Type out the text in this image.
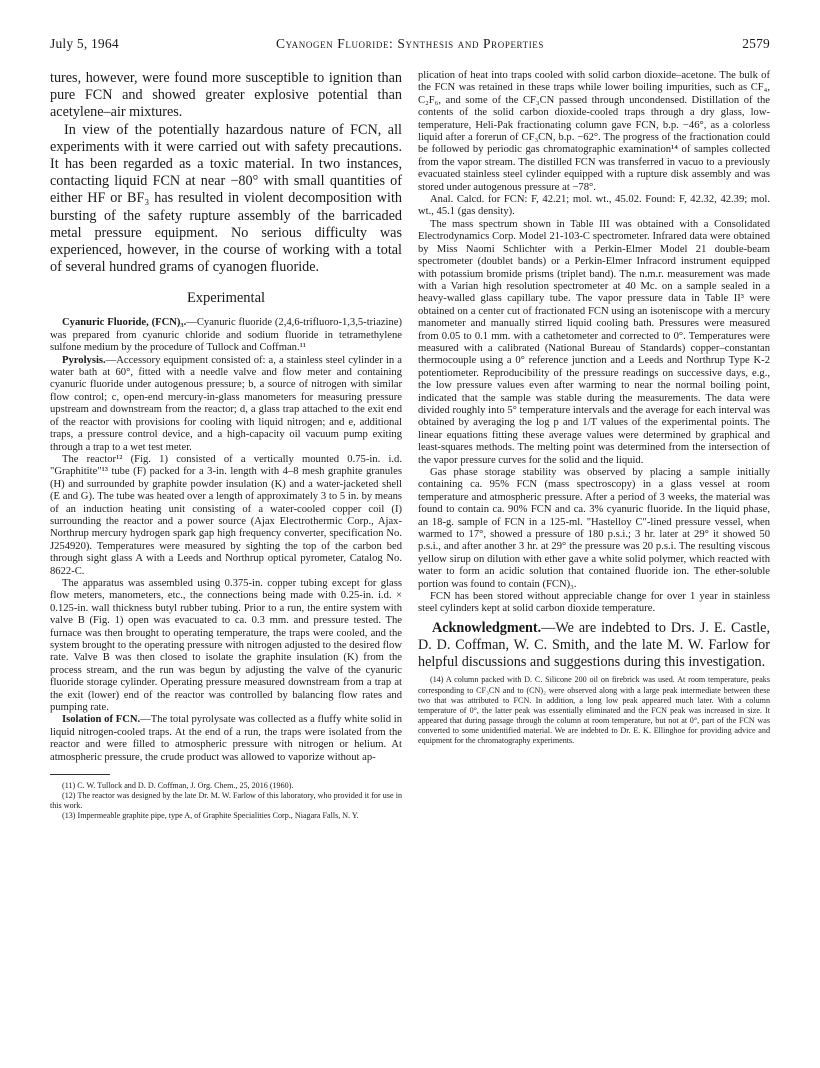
July 5, 1964	Cyanogen Fluoride: Synthesis and Properties	2579

tures, however, were found more susceptible to ignition than pure FCN and showed greater explosive potential than acetylene–air mixtures.

In view of the potentially hazardous nature of FCN, all experiments with it were carried out with safety precautions. It has been regarded as a toxic material. In two instances, contacting liquid FCN at near −80° with small quantities of either HF or BF₃ has resulted in violent decomposition with bursting of the safety rupture assembly of the barricaded metal pressure equipment. No serious difficulty was experienced, however, in the course of working with a total of several hundred grams of cyanogen fluoride.

Experimental

Cyanuric Fluoride, (FCN)₃.—Cyanuric fluoride (2,4,6-trifluoro-1,3,5-triazine) was prepared from cyanuric chloride and sodium fluoride in tetramethylene sulfone medium by the procedure of Tullock and Coffman.¹¹

Pyrolysis.—Accessory equipment consisted of: a, a stainless steel cylinder in a water bath at 60°, fitted with a needle valve and flow meter and containing cyanuric fluoride under autogenous pressure; b, a source of nitrogen with similar flow control; c, open-end mercury-in-glass manometers for measuring pressure upstream and downstream from the reactor; d, a glass trap attached to the exit end of the reactor with provisions for cooling with liquid nitrogen; and e, additional traps, a pressure control device, and a high-capacity oil vacuum pump exiting through a trap to a wet test meter.

The reactor¹² (Fig. 1) consisted of a vertically mounted 0.75-in. i.d. "Graphitite"¹³ tube (F) packed for a 3-in. length with 4–8 mesh graphite granules (H) and surrounded by graphite powder insulation (K) and a water-jacketed shell (E and G). The tube was heated over a length of approximately 3 to 5 in. by means of an induction heating unit consisting of a water-cooled copper coil (I) surrounding the reactor and a power source (Ajax Electrothermic Corp., Ajax-Northrup mercury hydrogen spark gap high frequency converter, specification No. J254920). Temperatures were measured by sighting the top of the carbon bed through sight glass A with a Leeds and Northrup optical pyrometer, Catalog No. 8622-C.

The apparatus was assembled using 0.375-in. copper tubing except for glass flow meters, manometers, etc., the connections being made with 0.25-in. i.d. × 0.125-in. wall thickness butyl rubber tubing. Prior to a run, the entire system with valve B (Fig. 1) open was evacuated to ca. 0.3 mm. and pressure tested. The furnace was then brought to operating temperature, the traps were cooled, and the system brought to the operating pressure with nitrogen adjusted to the desired flow rate. Valve B was then closed to isolate the graphite insulation (K) from the process stream, and the run was begun by adjusting the valve of the cyanuric fluoride storage cylinder. Operating pressure measured downstream from a trap at the exit (lower) end of the reactor was controlled by balancing flow rates and pumping rate.

Isolation of FCN.—The total pyrolysate was collected as a fluffy white solid in liquid nitrogen-cooled traps. At the end of a run, the traps were isolated from the reactor and were filled to atmospheric pressure with nitrogen or helium. At atmospheric pressure, the crude product was allowed to vaporize without ap-

(11) C. W. Tullock and D. D. Coffman, J. Org. Chem., 25, 2016 (1960).

(12) The reactor was designed by the late Dr. M. W. Farlow of this laboratory, who provided it for use in this work.

(13) Impermeable graphite pipe, type A, of Graphite Specialities Corp., Niagara Falls, N. Y.

plication of heat into traps cooled with solid carbon dioxide–acetone. The bulk of the FCN was retained in these traps while lower boiling impurities, such as CF₄, C₂F₆, and some of the CF₃CN passed through uncondensed. Distillation of the contents of the solid carbon dioxide-cooled traps through a dry glass, low-temperature, Heli-Pak fractionating column gave FCN, b.p. −46°, as a colorless liquid after a forerun of CF₃CN, b.p. −62°. The progress of the fractionation could be followed by periodic gas chromatographic examination¹⁴ of samples collected from the vapor stream. The distilled FCN was transferred in vacuo to a previously evacuated stainless steel cylinder equipped with a rupture disk assembly and was stored under autogenous pressure at −78°.

Anal. Calcd. for FCN: F, 42.21; mol. wt., 45.02. Found: F, 42.32, 42.39; mol. wt., 45.1 (gas density).

The mass spectrum shown in Table III was obtained with a Consolidated Electrodynamics Corp. Model 21-103-C spectrometer. Infrared data were obtained by Miss Naomi Schlichter with a Perkin-Elmer Model 21 double-beam spectrometer (doublet bands) or a Perkin-Elmer Infracord instrument equipped with potassium bromide prisms (triplet band). The n.m.r. measurement was made with a Varian high resolution spectrometer at 40 Mc. on a sample sealed in a heavy-walled glass capillary tube. The vapor pressure data in Table II³ were obtained on a center cut of fractionated FCN using an isoteniscope with a mercury manometer and manually stirred liquid cooling bath. Pressures were measured from 0.05 to 0.1 mm. with a cathetometer and corrected to 0°. Temperatures were measured with a calibrated (National Bureau of Standards) copper–constantan thermocouple using a 0° reference junction and a Leeds and Northrup Type K-2 potentiometer. Reproducibility of the pressure readings on successive days, e.g., the low pressure values even after warming to near the normal boiling point, indicated that the sample was stable during the measurements. The data were divided roughly into 5° temperature intervals and the average for each interval was obtained by averaging the log p and 1/T values of the experimental points. The linear equations fitting these average values were determined by graphical and least-squares methods. The melting point was determined from the intersection of the vapor pressure curves for the solid and the liquid.

Gas phase storage stability was observed by placing a sample initially containing ca. 95% FCN (mass spectroscopy) in a glass vessel at room temperature and atmospheric pressure. After a period of 3 weeks, the material was found to contain ca. 90% FCN and ca. 3% cyanuric fluoride. In the liquid phase, an 18-g. sample of FCN in a 125-ml. "Hastelloy C"-lined pressure vessel, when warmed to 17°, showed a pressure of 180 p.s.i.; 3 hr. later at 29° it showed 50 p.s.i., and after another 3 hr. at 29° the pressure was 20 p.s.i. The resulting viscous yellow sirup on dilution with ether gave a white solid polymer, which reacted with water to form an acidic solution that contained fluoride ion. The ether-soluble portion was found to contain (FCN)₃.

FCN has been stored without appreciable change for over 1 year in stainless steel cylinders kept at solid carbon dioxide temperature.

Acknowledgment.—We are indebted to Drs. J. E. Castle, D. D. Coffman, W. C. Smith, and the late M. W. Farlow for helpful discussions and suggestions during this investigation.

(14) A column packed with D. C. Silicone 200 oil on firebrick was used. At room temperature, peaks corresponding to CF₃CN and to (CN)₂ were observed along with a large peak intermediate between these two that was attributed to FCN. In addition, a long low peak appeared much later. With a column temperature of 0°, the latter peak was essentially eliminated and the FCN peak was increased in size. It appeared that during passage through the column at room temperature, but not at 0°, part of the FCN was converted to some unidentified material. We are indebted to Dr. E. K. Ellinghoe for providing advice and equipment for the chromatography experiments.
